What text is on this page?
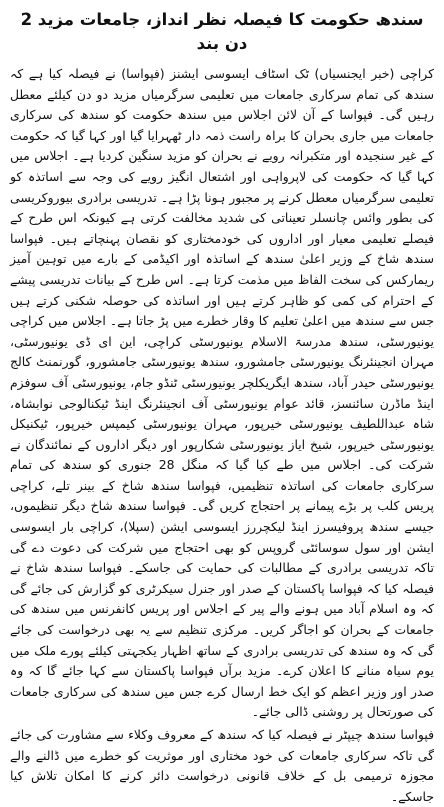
سندھ حکومت کا فیصلہ نظر انداز، جامعات مزید 2 دن بند

کراچی (خبر ایجنسیاں) ٹک اسٹاف ایسوسی ایشنز (فپواسا) نے فیصلہ کیا ہے کہ سندھ کی تمام سرکاری جامعات میں تعلیمی سرگرمیاں مزید دو دن کیلئے معطل رہیں گی۔ فپواسا کے آن لائن اجلاس میں سندھ حکومت کو سندھ کی سرکاری جامعات میں جاری بحران کا براہ راست ذمہ دار ٹھہرایا گیا اور کہا گیا کہ حکومت کے غیر سنجیدہ اور متکبرانہ رویے نے بحران کو مزید سنگین کردیا ہے۔ اجلاس میں کہا گیا کہ حکومت کی لاپرواہی اور اشتعال انگیز رویے کی وجہ سے اساتذہ کو تعلیمی سرگرمیاں معطل کرنے پر مجبور ہونا پڑا ہے۔ تدریسی برادری بیوروکریسی کی بطور وائس چانسلر تعیناتی کی شدید مخالفت کرتی ہے کیونکہ اس طرح کے فیصلے تعلیمی معیار اور اداروں کی خودمختاری کو نقصان پہنچاتے ہیں۔ فپواسا سندھ شاخ کے وزیر اعلیٰ سندھ کے اساتذہ اور اکیڈمی کے بارے میں توہین آمیز ریمارکس کی سخت الفاظ میں مذمت کرتا ہے۔ اس طرح کے بیانات تدریسی پیشے کے احترام کی کمی کو ظاہر کرتے ہیں اور اساتذہ کی حوصلہ شکنی کرتے ہیں جس سے سندھ میں اعلیٰ تعلیم کا وقار خطرے میں پڑ جاتا ہے۔ اجلاس میں کراچی یونیورسٹی، سندھ مدرسۃ الاسلام یونیورسٹی کراچی، این ای ڈی یونیورسٹی، مہران انجینئرنگ یونیورسٹی جامشورو، سندھ یونیورسٹی جامشورو، گورنمنٹ کالج یونیورسٹی حیدر آباد، سندھ ایگریکلچر یونیورسٹی ٹنڈو جام، یونیورسٹی آف سوفزم اینڈ ماڈرن سائنسز، قائد عوام یونیورسٹی آف انجینئرنگ اینڈ ٹیکنالوجی نوابشاہ، شاہ عبداللطیف یونیورسٹی خیرپور، مہران یونیورسٹی کیمپس خیرپور، ٹیکنیکل یونیورسٹی خیرپور، شیخ ایاز یونیورسٹی شکارپور اور دیگر اداروں کے نمائندگان نے شرکت کی۔ اجلاس میں طے کیا گیا کہ منگل 28 جنوری کو سندھ کی تمام سرکاری جامعات کی اساتذہ تنظیمیں، فپواسا سندھ شاخ کے بینر تلے، کراچی پریس کلب پر بڑے پیمانے پر احتجاج کریں گی۔ فپواسا سندھ شاخ دیگر تنظیموں، جیسے سندھ پروفیسرز اینڈ لیکچررز ایسوسی ایشن (سپلا)، کراچی بار ایسوسی ایشن اور سول سوسائٹی گروپس کو بھی احتجاج میں شرکت کی دعوت دے گی تاکہ تدریسی برادری کے مطالبات کی حمایت کی جاسکے۔ فپواسا سندھ شاخ نے فیصلہ کیا کہ فپواسا پاکستان کے صدر اور جنرل سیکرٹری کو گزارش کی جائے گی کہ وہ اسلام آباد میں ہونے والے پیر کے اجلاس اور پریس کانفرنس میں سندھ کی جامعات کے بحران کو اجاگر کریں۔ مرکزی تنظیم سے یہ بھی درخواست کی جائے گی کہ وہ سندھ کی تدریسی برادری کے ساتھ اظہار یکجہتی کیلئے پورے ملک میں یوم سیاہ منانے کا اعلان کرے۔ مزید برآں فپواسا پاکستان سے کہا جائے گا کہ وہ صدر اور وزیر اعظم کو ایک خط ارسال کرے جس میں سندھ کی سرکاری جامعات کی صورتحال پر روشنی ڈالی جائے۔

فپواسا سندھ چیپٹر نے فیصلہ کیا کہ سندھ کے معروف وکلاء سے مشاورت کی جائے گی تاکہ سرکاری جامعات کی خود مختاری اور موثریت کو خطرے میں ڈالنے والے مجوزہ ترمیمی بل کے خلاف قانونی درخواست دائر کرنے کا امکان تلاش کیا جاسکے۔
